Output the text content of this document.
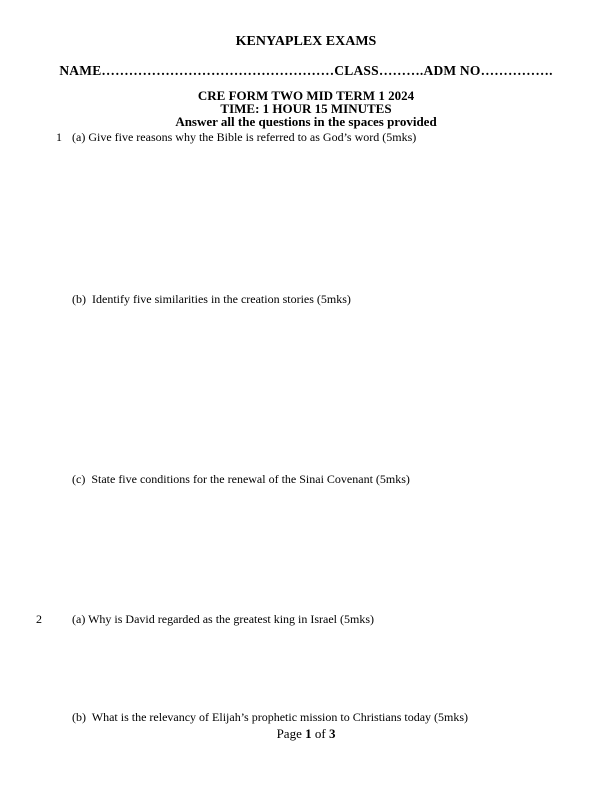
KENYAPLEX EXAMS
NAME……………………………………………CLASS……….ADM NO…………….
CRE FORM TWO MID TERM 1 2024
TIME: 1 HOUR 15 MINUTES
Answer all the questions in the spaces provided
1 (a) Give five reasons why the Bible is referred to as God’s word (5mks)
(b)  Identify five similarities in the creation stories (5mks)
(c)  State five conditions for the renewal of the Sinai Covenant (5mks)
2	(a) Why is David regarded as the greatest king in Israel (5mks)
(b)  What is the relevancy of Elijah’s prophetic mission to Christians today (5mks)
Page 1 of 3
